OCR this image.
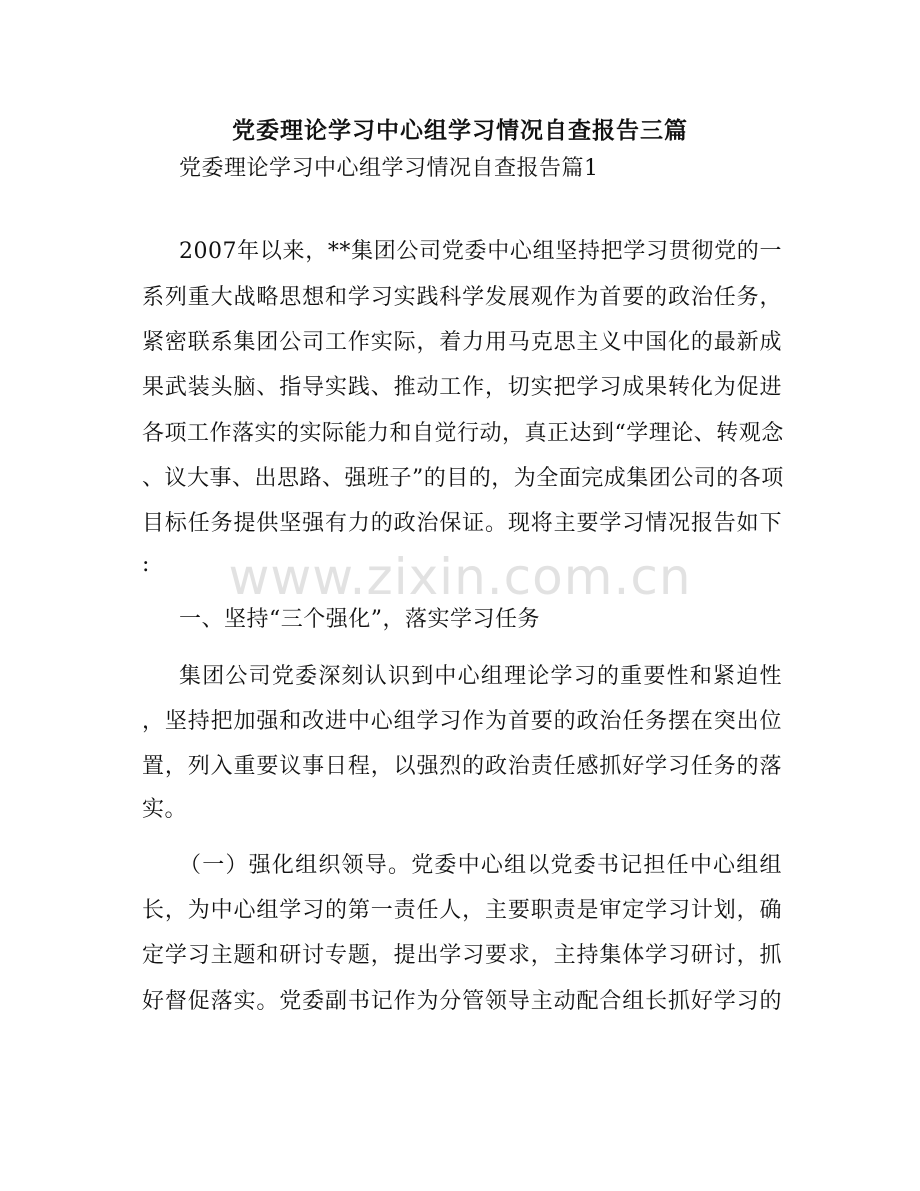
党委理论学习中心组学习情况自查报告三篇
党委理论学习中心组学习情况自查报告篇1
2007年以来，**集团公司党委中心组坚持把学习贯彻党的一
系列重大战略思想和学习实践科学发展观作为首要的政治任务，
紧密联系集团公司工作实际，着力用马克思主义中国化的最新成
果武装头脑、指导实践、推动工作，切实把学习成果转化为促进
各项工作落实的实际能力和自觉行动，真正达到“学理论、转观念
、议大事、出思路、强班子”的目的，为全面完成集团公司的各项
目标任务提供坚强有力的政治保证。现将主要学习情况报告如下
:	www.zixin.com.cn
一、坚持“三个强化”，落实学习任务
集团公司党委深刻认识到中心组理论学习的重要性和紧迫性
，坚持把加强和改进中心组学习作为首要的政治任务摆在突出位
置，列入重要议事日程，以强烈的政治责任感抓好学习任务的落
实。
（一）强化组织领导。党委中心组以党委书记担任中心组组
长，为中心组学习的第一责任人，主要职责是审定学习计划，确
定学习主题和研讨专题，提出学习要求，主持集体学习研讨，抓
好督促落实。党委副书记作为分管领导主动配合组长抓好学习的
